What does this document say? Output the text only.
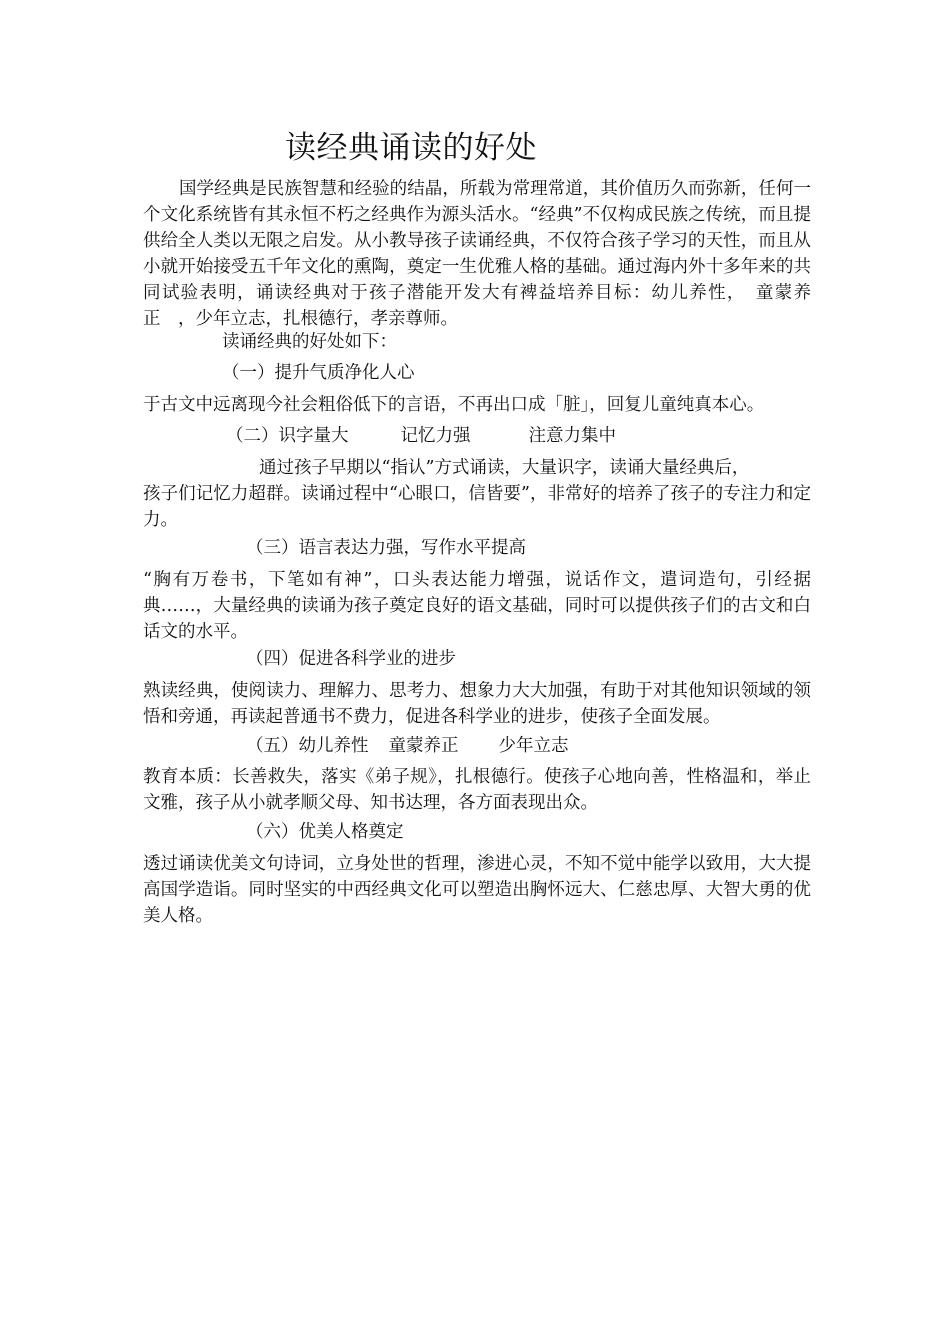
读经典诵读的好处
国学经典是民族智慧和经验的结晶，所载为常理常道，其价值历久而弥新，任何一个文化系统皆有其永恒不朽之经典作为源头活水。“经典”不仅构成民族之传统，而且提供给全人类以无限之启发。从小教导孩子读诵经典，不仅符合孩子学习的天性，而且从小就开始接受五千年文化的熏陶，奠定一生优雅人格的基础。通过海内外十多年来的共同试验表明，诵读经典对于孩子潜能开发大有裨益培养目标：幼儿养性，　童蒙养正　，少年立志，扎根德行，孝亲尊师。
读诵经典的好处如下：
（一）提升气质净化人心
于古文中远离现今社会粗俗低下的言语，不再出口成「脏」，回复儿童纯真本心。
（二）识字量大	记忆力强	注意力集中
通过孩子早期以“指认”方式诵读，大量识字，读诵大量经典后，
孩子们记忆力超群。读诵过程中“心眼口，信皆要”，非常好的培养了孩子的专注力和定力。
（三）语言表达力强，写作水平提高
“胸有万卷书，下笔如有神”，口头表达能力增强，说话作文，遣词造句，引经据典……，大量经典的读诵为孩子奠定良好的语文基础，同时可以提供孩子们的古文和白话文的水平。
（四）促进各科学业的进步
熟读经典，使阅读力、理解力、思考力、想象力大大加强，有助于对其他知识领域的领悟和旁通，再读起普通书不费力，促进各科学业的进步，使孩子全面发展。
（五）幼儿养性 童蒙养正 少年立志
教育本质：长善救失，落实《弟子规》，扎根德行。使孩子心地向善，性格温和，举止文雅，孩子从小就孝顺父母、知书达理，各方面表现出众。
（六）优美人格奠定
透过诵读优美文句诗词，立身处世的哲理，渗进心灵，不知不觉中能学以致用，大大提高国学造诣。同时坚实的中西经典文化可以塑造出胸怀远大、仁慈忠厚、大智大勇的优美人格。
